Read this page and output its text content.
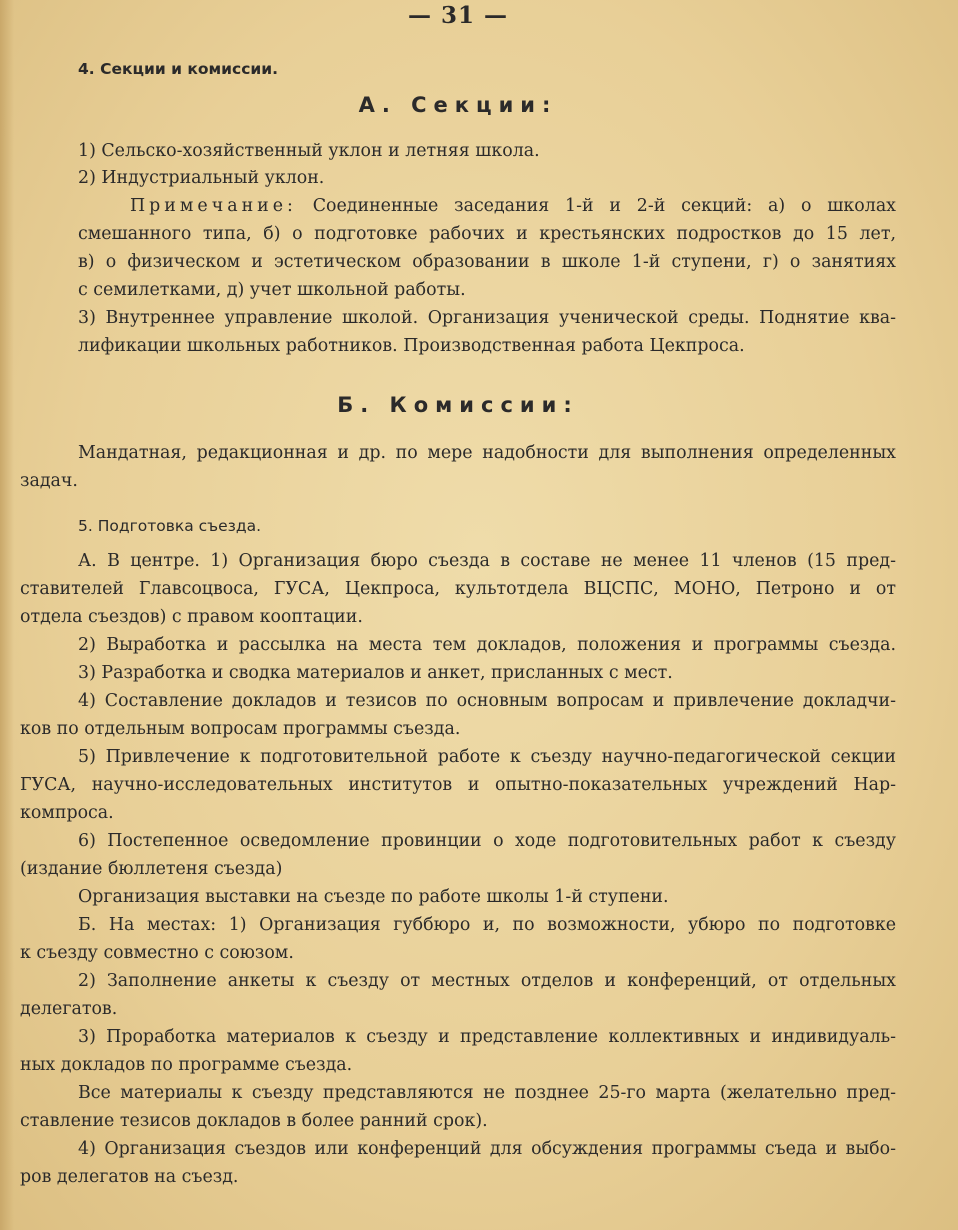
— 31 —
4. Секции и комиссии.
А. Секции:
1) Сельско-хозяйственный уклон и летняя школа.
2) Индустриальный уклон.
Примечание: Соединенные заседания 1-й и 2-й секций: а) о школах
смешанного типа, б) о подготовке рабочих и крестьянских подростков до 15 лет,
в) о физическом и эстетическом образовании в школе 1-й ступени, г) о занятиях
с семилетками, д) учет школьной работы.
3) Внутреннее управление школой. Организация ученической среды. Поднятие ква-
лификации школьных работников. Производственная работа Цекпроса.
Б. Комиссии:
Мандатная, редакционная и др. по мере надобности для выполнения определенных
задач.
5. Подготовка съезда.
А. В центре. 1) Организация бюро съезда в составе не менее 11 членов (15 пред-
ставителей Главсоцвоса, ГУСА, Цекпроса, культотдела ВЦСПС, МОНО, Петроно и от
отдела съездов) с правом кооптации.
2) Выработка и рассылка на места тем докладов, положения и программы съезда.
3) Разработка и сводка материалов и анкет, присланных с мест.
4) Составление докладов и тезисов по основным вопросам и привлечение докладчи-
ков по отдельным вопросам программы съезда.
5) Привлечение к подготовительной работе к съезду научно-педагогической секции
ГУСА, научно-исследовательных институтов и опытно-показательных учреждений Нар-
компроса.
6) Постепенное осведомление провинции о ходе подготовительных работ к съезду
(издание бюллетеня съезда)
Организация выставки на съезде по работе школы 1-й ступени.
Б. На местах: 1) Организация губбюро и, по возможности, убюро по подготовке
к съезду совместно с союзом.
2) Заполнение анкеты к съезду от местных отделов и конференций, от отдельных
делегатов.
3) Проработка материалов к съезду и представление коллективных и индивидуаль-
ных докладов по программе съезда.
Все материалы к съезду представляются не позднее 25-го марта (желательно пред-
ставление тезисов докладов в более ранний срок).
4) Организация съездов или конференций для обсуждения программы съеда и выбо-
ров делегатов на съезд.
